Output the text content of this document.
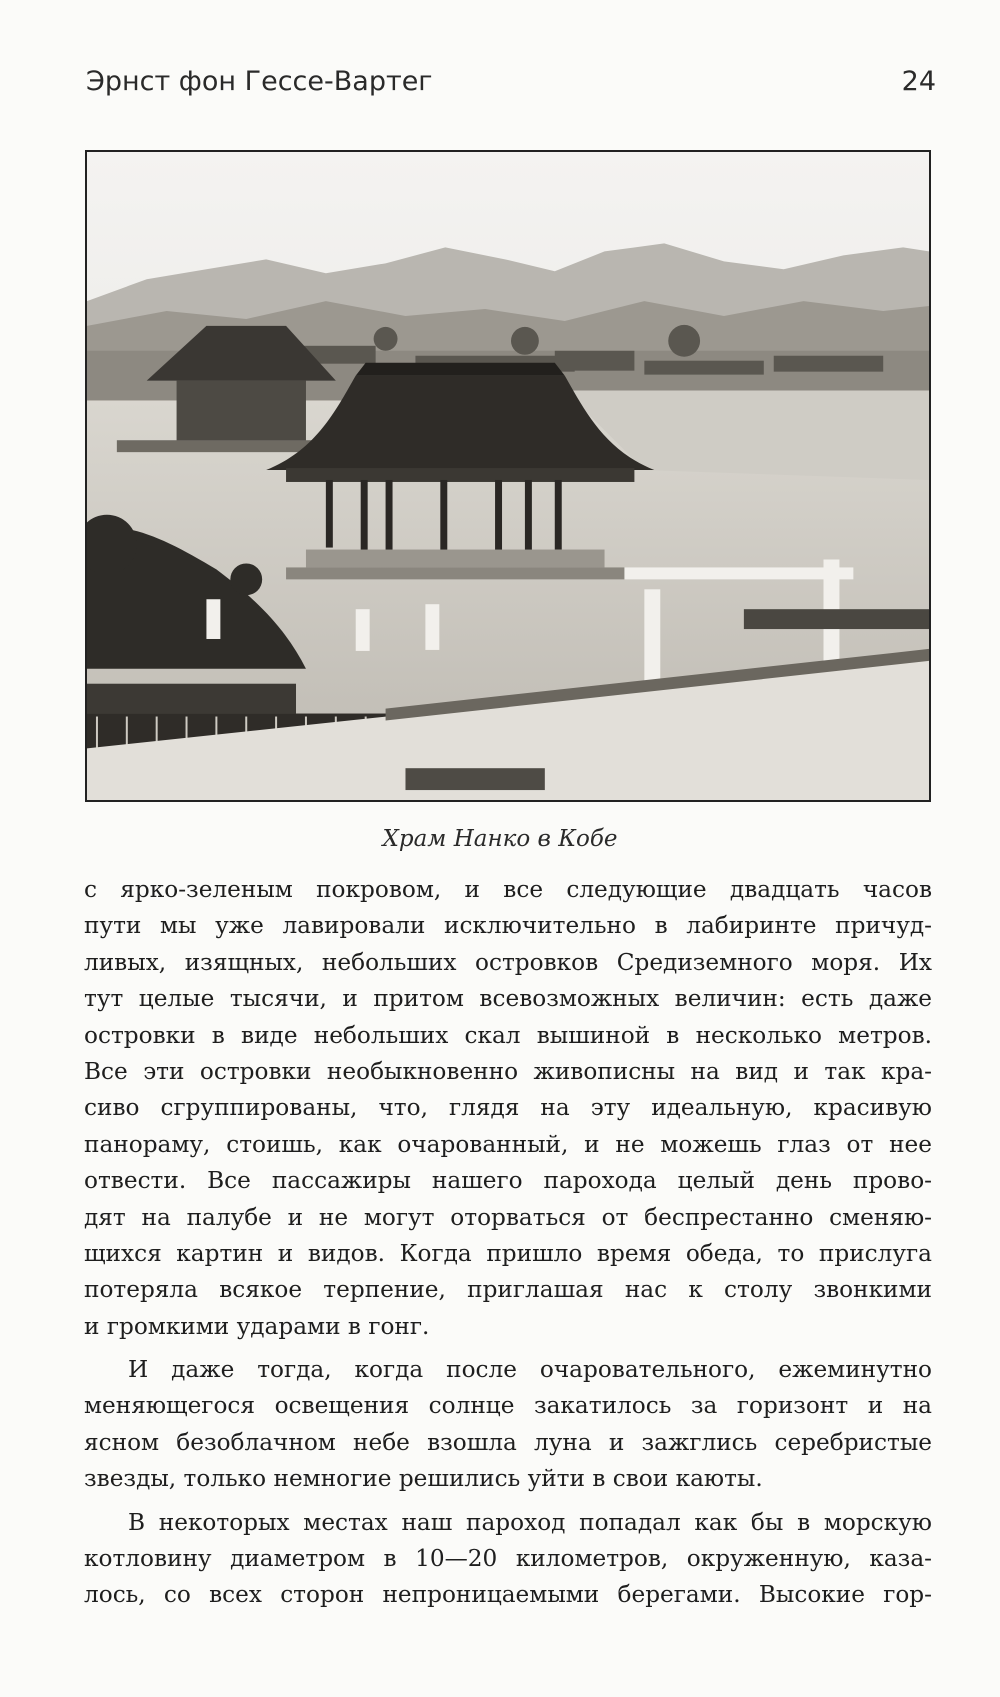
Эрнст фон Гессе-Вартег	24
Храм Нанко в Кобе

с ярко-зеленым покровом, и все следующие двадцать часов
пути мы уже лавировали исключительно в лабиринте причуд-
ливых, изящных, небольших островков Средиземного моря. Их
тут целые тысячи, и притом всевозможных величин: есть даже
островки в виде небольших скал вышиной в несколько метров.
Все эти островки необыкновенно живописны на вид и так кра-
сиво сгруппированы, что, глядя на эту идеальную, красивую
панораму, стоишь, как очарованный, и не можешь глаз от нее
отвести. Все пассажиры нашего парохода целый день прово-
дят на палубе и не могут оторваться от беспрестанно сменяю-
щихся картин и видов. Когда пришло время обеда, то прислуга
потеряла всякое терпение, приглашая нас к столу звонкими
и громкими ударами в гонг.

И даже тогда, когда после очаровательного, ежеминутно
меняющегося освещения солнце закатилось за горизонт и на
ясном безоблачном небе взошла луна и зажглись серебристые
звезды, только немногие решились уйти в свои каюты.

В некоторых местах наш пароход попадал как бы в морскую
котловину диаметром в 10—20 километров, окруженную, каза-
лось, со всех сторон непроницаемыми берегами. Высокие гор-
